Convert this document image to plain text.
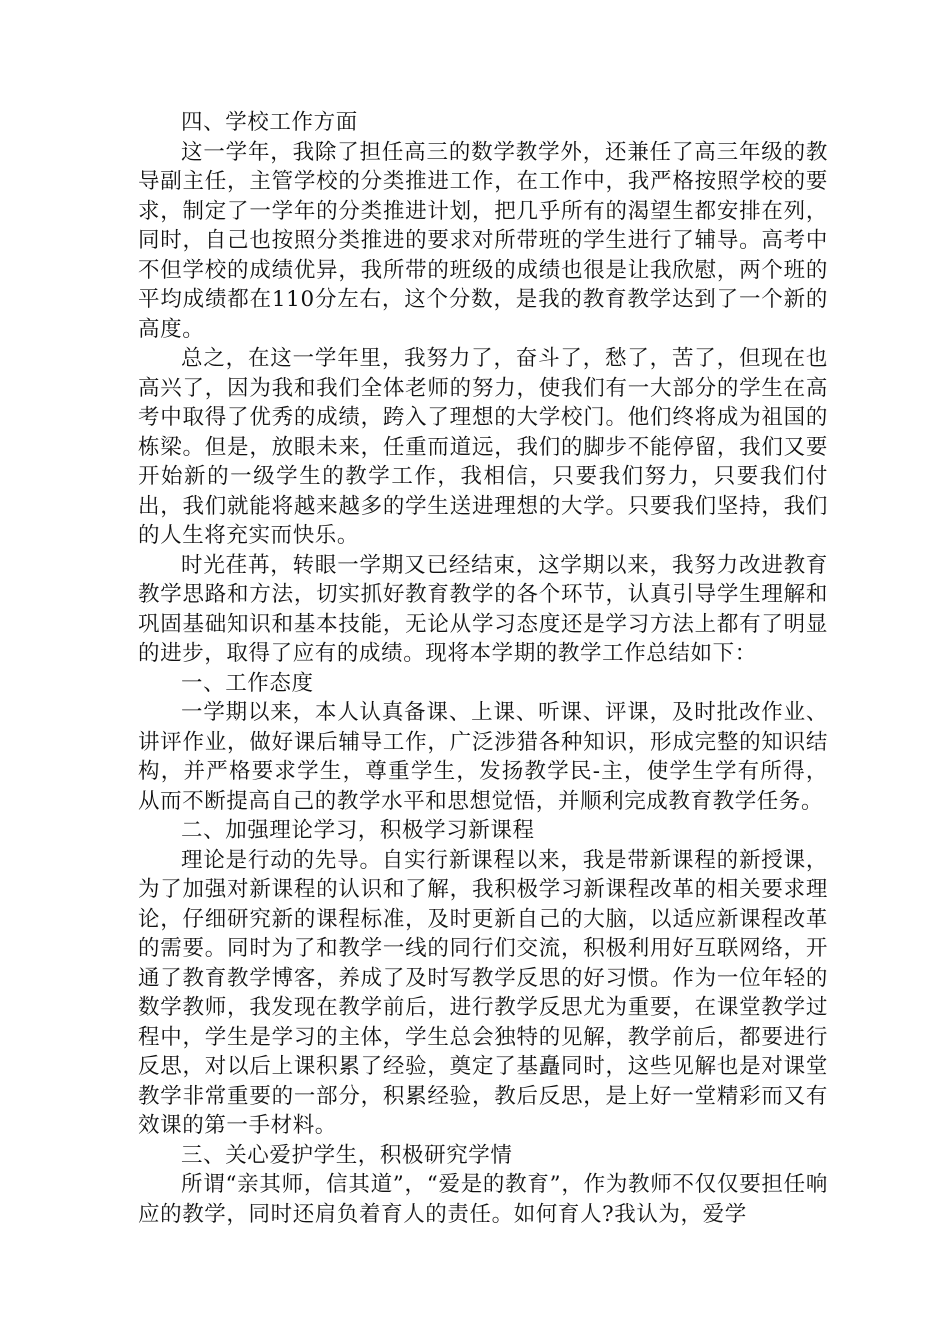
四、学校工作方面

这一学年，我除了担任高三的数学教学外，还兼任了高三年级的教导副主任，主管学校的分类推进工作，在工作中，我严格按照学校的要求，制定了一学年的分类推进计划，把几乎所有的渴望生都安排在列，同时，自己也按照分类推进的要求对所带班的学生进行了辅导。高考中不但学校的成绩优异，我所带的班级的成绩也很是让我欣慰，两个班的平均成绩都在110分左右，这个分数，是我的教育教学达到了一个新的高度。

总之，在这一学年里，我努力了，奋斗了，愁了，苦了，但现在也高兴了，因为我和我们全体老师的努力，使我们有一大部分的学生在高考中取得了优秀的成绩，跨入了理想的大学校门。他们终将成为祖国的栋梁。但是，放眼未来，任重而道远，我们的脚步不能停留，我们又要开始新的一级学生的教学工作，我相信，只要我们努力，只要我们付出，我们就能将越来越多的学生送进理想的大学。只要我们坚持，我们的人生将充实而快乐。

时光荏苒，转眼一学期又已经结束，这学期以来，我努力改进教育教学思路和方法，切实抓好教育教学的各个环节，认真引导学生理解和巩固基础知识和基本技能，无论从学习态度还是学习方法上都有了明显的进步，取得了应有的成绩。现将本学期的教学工作总结如下：

一、工作态度

一学期以来，本人认真备课、上课、听课、评课，及时批改作业、讲评作业，做好课后辅导工作，广泛涉猎各种知识，形成完整的知识结构，并严格要求学生，尊重学生，发扬教学民-主，使学生学有所得，从而不断提高自己的教学水平和思想觉悟，并顺利完成教育教学任务。

二、加强理论学习，积极学习新课程

理论是行动的先导。自实行新课程以来，我是带新课程的新授课，为了加强对新课程的认识和了解，我积极学习新课程改革的相关要求理论，仔细研究新的课程标准，及时更新自己的大脑，以适应新课程改革的需要。同时为了和教学一线的同行们交流，积极利用好互联网络，开通了教育教学博客，养成了及时写教学反思的好习惯。作为一位年轻的数学教师，我发现在教学前后，进行教学反思尤为重要，在课堂教学过程中，学生是学习的主体，学生总会独特的见解，教学前后，都要进行反思，对以后上课积累了经验，奠定了基矗同时，这些见解也是对课堂教学非常重要的一部分，积累经验，教后反思，是上好一堂精彩而又有效课的第一手材料。

三、关心爱护学生，积极研究学情

所谓“亲其师，信其道”，“爱是的教育”，作为教师不仅仅要担任响应的教学，同时还肩负着育人的责任。如何育人?我认为，爱学
